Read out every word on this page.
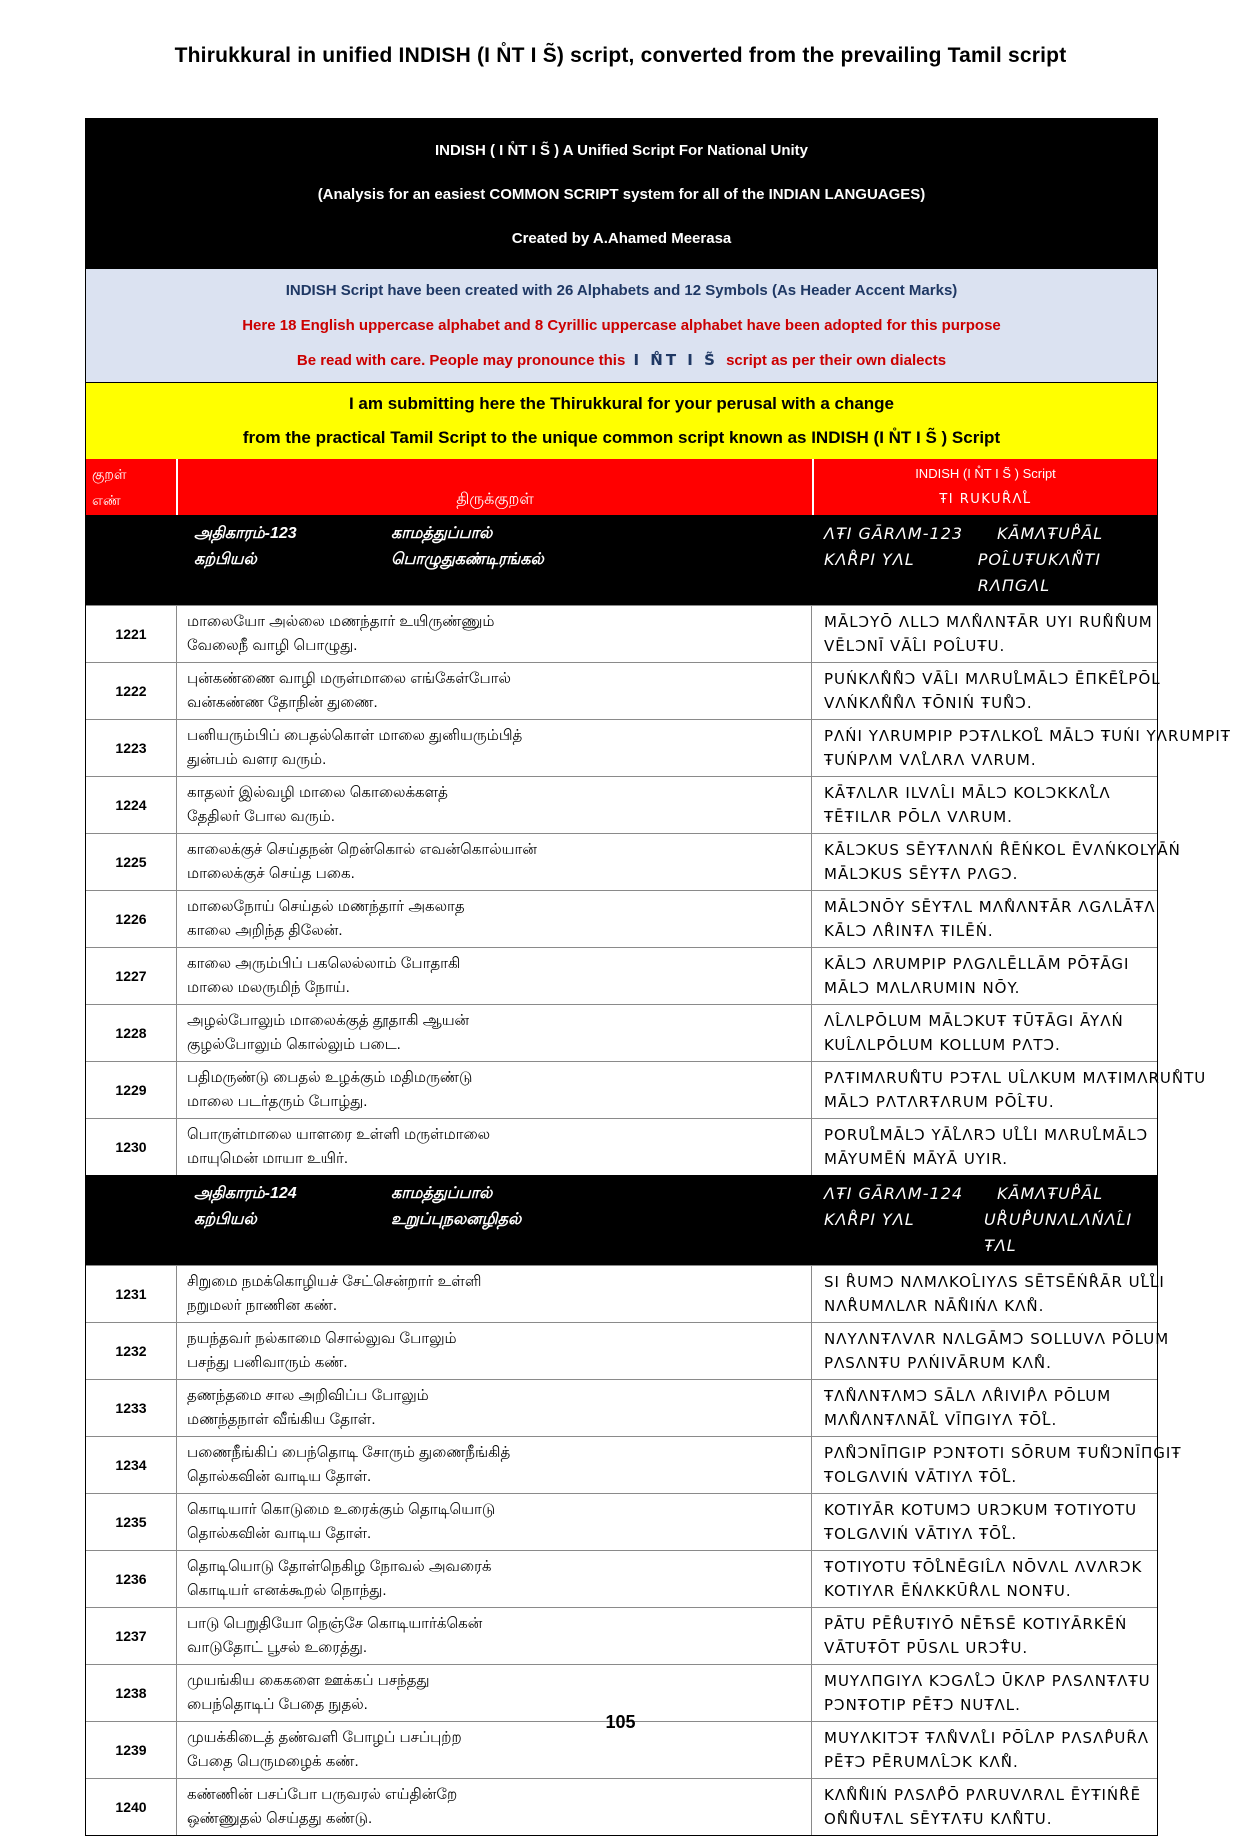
Thirukkural in unified INDISH (I N̊T I S̃) script, converted from the prevailing Tamil script
INDISH ( I N̊T I S̃ ) A Unified Script For National Unity
(Analysis for an easiest COMMON SCRIPT system for all of the INDIAN LANGUAGES)
Created by A.Ahamed Meerasa
INDISH Script have been created with 26 Alphabets and 12 Symbols (As Header Accent Marks)
Here 18 English uppercase alphabet and 8 Cyrillic uppercase alphabet have been adopted for this purpose
Be read with care. People may pronounce this I N̊T I S̃ script as per their own dialects
I am submitting here the Thirukkural for your perusal with a change
from the practical Tamil Script to the unique common script known as INDISH (I N̊T I S̃ ) Script
குறள்
எண்
	திருக்குறள்
INDISH (I N̊T I S̃ ) Script
ŦI RUKUR̊ΛL̊
அதிகாரம்-123	காமத்துப்பால்
கற்பியல்	பொழுதுகண்டிரங்கல்
ΛŦI GĀRΛM-123	KĀMΛŦUP̊ĀL
KΛR̊PI YΛL	POL̂UŦUKΛN̊TI RΛΠGΛL
1221
மாலையோ அல்லை மணந்தார் உயிருண்ணும்
வேலைநீ வாழி பொழுது.
MĀLƆYŌ ΛLLƆ MΛN̊ΛNŦĀR UYI RUN̊N̊UM
VĒLƆNĪ VĀL̂I POL̂UŦU.
1222
புன்கண்ணை வாழி மருள்மாலை எங்கேள்போல்
வன்கண்ண தோநின் துணை.
PUŃKΛN̊N̊Ɔ VĀL̂I MΛRUL̊MĀLƆ ĒΠKĒL̊PŌL
VΛŃKΛN̊N̊Λ ŦŌNIŃ ŦUN̊Ɔ.
1223
பனியரும்பிப் பைதல்கொள் மாலை துனியரும்பித்
துன்பம் வளர வரும்.
PΛŃI YΛRUMPIP PƆŦΛLKOL̊ MĀLƆ ŦUŃI YΛRUMPIŦ
ŦUŃPΛM VΛL̊ΛRΛ VΛRUM.
1224
காதலர் இல்வழி மாலை கொலைக்களத்
தேதிலர் போல வரும்.
KĀŦΛLΛR ILVΛL̂I MĀLƆ KOLƆKKΛL̊Λ
ŦĒŦILΛR PŌLΛ VΛRUM.
1225
காலைக்குச் செய்தநன் றென்கொல் எவன்கொல்யான்
மாலைக்குச் செய்த பகை.
KĀLƆKUS SĒYŦΛNΛŃ R̊ĒŃKOL ĒVΛŃKOLYĀŃ
MĀLƆKUS SĒYŦΛ PΛGƆ.
1226
மாலைநோய் செய்தல் மணந்தார் அகலாத
காலை அறிந்த திலேன்.
MĀLƆNŌY SĒYŦΛL MΛN̊ΛNŦĀR ΛGΛLĀŦΛ
KĀLƆ ΛR̊INŦΛ ŦILĒŃ.
1227
காலை அரும்பிப் பகலெல்லாம் போதாகி
மாலை மலருமிந் நோய்.
KĀLƆ ΛRUMPIP PΛGΛLĒLLĀM PŌŦĀGI
MĀLƆ MΛLΛRUMIN NŌY.
1228
அழல்போலும் மாலைக்குத் தூதாகி ஆயன்
குழல்போலும் கொல்லும் படை.
ΛL̂ΛLPŌLUM MĀLƆKUŦ ŦŪŦĀGI ĀYΛŃ
KUL̂ΛLPŌLUM KOLLUM PΛTƆ.
1229
பதிமருண்டு பைதல் உழக்கும் மதிமருண்டு
மாலை படர்தரும் போழ்து.
PΛŦIMΛRUN̊TU PƆŦΛL UL̂ΛKUM MΛŦIMΛRUN̊TU
MĀLƆ PΛTΛRŦΛRUM PŌL̂ŦU.
1230
பொருள்மாலை யாளரை உள்ளி மருள்மாலை
மாயுமென் மாயா உயிர்.
PORUL̊MĀLƆ YĀL̊ΛRƆ UL̊L̊I MΛRUL̊MĀLƆ
MĀYUMĒŃ MĀYĀ UYIR.
அதிகாரம்-124	காமத்துப்பால்
கற்பியல்	உறுப்புநலனழிதல்
ΛŦI GĀRΛM-124	KĀMΛŦUP̊ĀL
KΛR̊PI YΛL	UR̊UP̊UNΛLΛŃΛL̂I ŦΛL
1231
சிறுமை நமக்கொழியச் சேட்சென்றார் உள்ளி
நறுமலர் நாணின கண்.
SI R̊UMƆ NΛMΛKOL̂IYΛS SĒTSĒŃR̊ĀR UL̊L̊I
NΛR̊UMΛLΛR NĀN̊IŃΛ KΛN̊.
1232
நயந்தவர் நல்காமை சொல்லுவ போலும்
பசந்து பனிவாரும் கண்.
NΛYΛNŦΛVΛR NΛLGĀMƆ SOLLUVΛ PŌLUM
PΛSΛNŦU PΛŃIVĀRUM KΛN̊.
1233
தணந்தமை சால அறிவிப்ப போலும்
மணந்தநாள் வீங்கிய தோள்.
ŦΛN̊ΛNŦΛMƆ SĀLΛ ΛR̊IVIP̊Λ PŌLUM
MΛN̊ΛNŦΛNĀL̊ VĪΠGIYΛ ŦŌL̊.
1234
பணைநீங்கிப் பைந்தொடி சோரும் துணைநீங்கித்
தொல்கவின் வாடிய தோள்.
PΛN̊ƆNĪΠGIP PƆNŦOTI SŌRUM ŦUN̊ƆNĪΠGIŦ
ŦOLGΛVIŃ VĀTIYΛ ŦŌL̊.
1235
கொடியார் கொடுமை உரைக்கும் தொடியொடு
தொல்கவின் வாடிய தோள்.
KOTIYĀR KOTUMƆ URƆKUM ŦOTIYOTU
ŦOLGΛVIŃ VĀTIYΛ ŦŌL̊.
1236
தொடியொடு தோள்நெகிழ நோவல் அவரைக்
கொடியர் எனக்கூறல் நொந்து.
ŦOTIYOTU ŦŌL̊NĒGIL̂Λ NŌVΛL ΛVΛRƆK
KOTIYΛR ĒŃΛKKŪR̊ΛL NONŦU.
1237
பாடு பெறுதியோ நெஞ்சே கொடியார்க்கென்
வாடுதோட் பூசல் உரைத்து.
PĀTU PĒR̊UŦIYŌ NĒЋSĒ KOTIYĀRKĒŃ
VĀTUŦŌT PŪSΛL URƆŦ̊U.
1238
முயங்கிய கைகளை ஊக்கப் பசந்தது
பைந்தொடிப் பேதை நுதல்.
MUYΛΠGIYΛ KƆGΛL̊Ɔ ŪKΛP PΛSΛNŦΛŦU
PƆNŦOTIP PĒŦƆ NUŦΛL.
1239
முயக்கிடைத் தண்வளி போழப் பசப்புற்ற
பேதை பெருமழைக் கண்.
MUYΛKITƆŦ ŦΛN̊VΛL̊I PŌL̂ΛP PΛSΛP̊UR̃Λ
PĒŦƆ PĒRUMΛL̂ƆK KΛN̊.
1240
கண்ணின் பசப்போ பருவரல் எய்தின்றே
ஒண்ணுதல் செய்தது கண்டு.
KΛN̊N̊IŃ PΛSΛP̊Ō PΛRUVΛRΛL ĒYŦIŃR̊Ē
ON̊N̊UŦΛL SĒYŦΛŦU KΛN̊TU.
105
